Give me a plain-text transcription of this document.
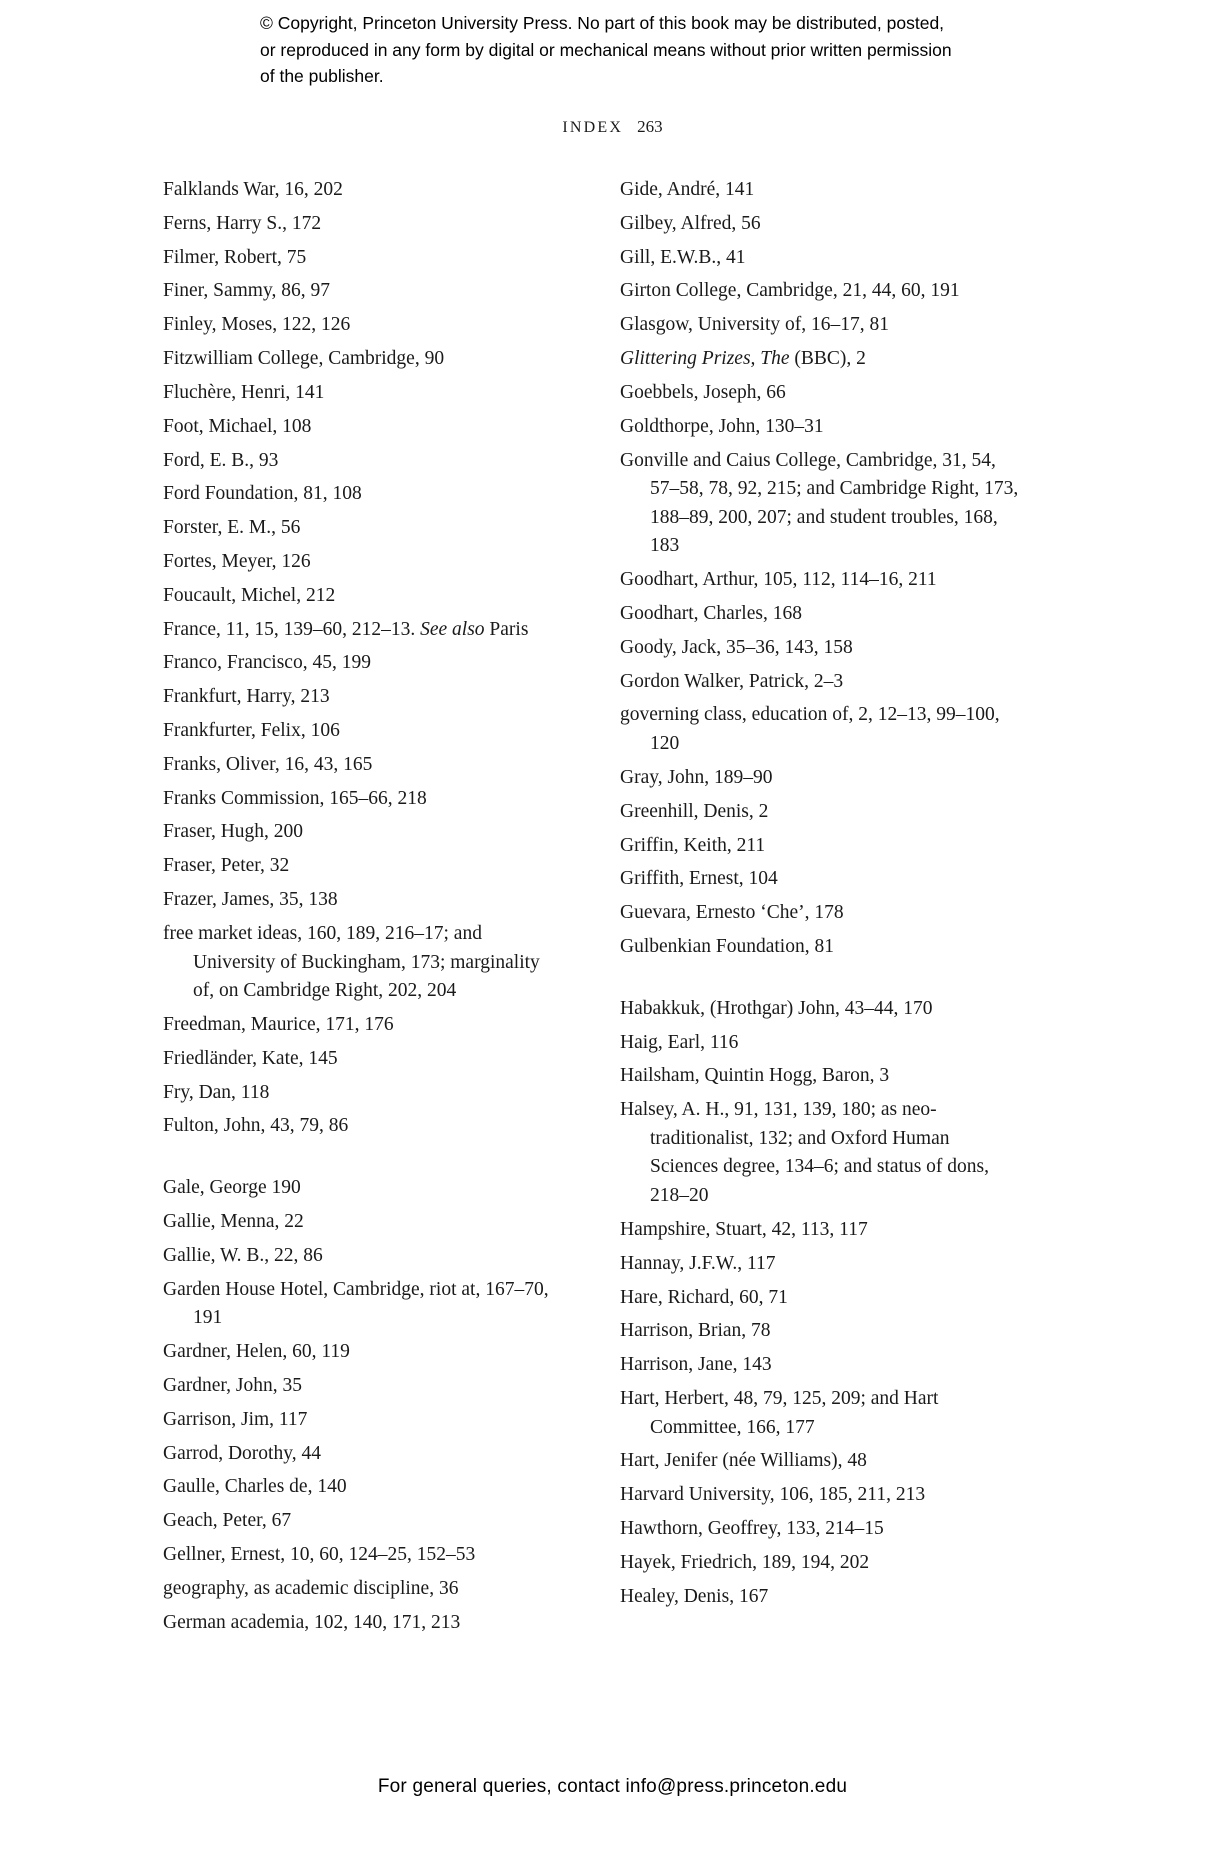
© Copyright, Princeton University Press. No part of this book may be distributed, posted, or reproduced in any form by digital or mechanical means without prior written permission of the publisher.
INDEX 263

Falklands War, 16, 202

Ferns, Harry S., 172

Filmer, Robert, 75

Finer, Sammy, 86, 97

Finley, Moses, 122, 126

Fitzwilliam College, Cambridge, 90

Fluchère, Henri, 141

Foot, Michael, 108

Ford, E. B., 93

Ford Foundation, 81, 108

Forster, E. M., 56

Fortes, Meyer, 126

Foucault, Michel, 212

France, 11, 15, 139–60, 212–13. See also Paris

Franco, Francisco, 45, 199

Frankfurt, Harry, 213

Frankfurter, Felix, 106

Franks, Oliver, 16, 43, 165

Franks Commission, 165–66, 218

Fraser, Hugh, 200

Fraser, Peter, 32

Frazer, James, 35, 138

free market ideas, 160, 189, 216–17; and University of Buckingham, 173; marginality of, on Cambridge Right, 202, 204

Freedman, Maurice, 171, 176

Friedländer, Kate, 145

Fry, Dan, 118

Fulton, John, 43, 79, 86

Gale, George 190

Gallie, Menna, 22

Gallie, W. B., 22, 86

Garden House Hotel, Cambridge, riot at, 167–70, 191

Gardner, Helen, 60, 119

Gardner, John, 35

Garrison, Jim, 117

Garrod, Dorothy, 44

Gaulle, Charles de, 140

Geach, Peter, 67

Gellner, Ernest, 10, 60, 124–25, 152–53

geography, as academic discipline, 36

German academia, 102, 140, 171, 213

Gide, André, 141

Gilbey, Alfred, 56

Gill, E.W.B., 41

Girton College, Cambridge, 21, 44, 60, 191

Glasgow, University of, 16–17, 81

Glittering Prizes, The (BBC), 2

Goebbels, Joseph, 66

Goldthorpe, John, 130–31

Gonville and Caius College, Cambridge, 31, 54, 57–58, 78, 92, 215; and Cambridge Right, 173, 188–89, 200, 207; and student troubles, 168, 183

Goodhart, Arthur, 105, 112, 114–16, 211

Goodhart, Charles, 168

Goody, Jack, 35–36, 143, 158

Gordon Walker, Patrick, 2–3

governing class, education of, 2, 12–13, 99–100, 120

Gray, John, 189–90

Greenhill, Denis, 2

Griffin, Keith, 211

Griffith, Ernest, 104

Guevara, Ernesto ‘Che’, 178

Gulbenkian Foundation, 81

Habakkuk, (Hrothgar) John, 43–44, 170

Haig, Earl, 116

Hailsham, Quintin Hogg, Baron, 3

Halsey, A. H., 91, 131, 139, 180; as neo-traditionalist, 132; and Oxford Human Sciences degree, 134–6; and status of dons, 218–20

Hampshire, Stuart, 42, 113, 117

Hannay, J.F.W., 117

Hare, Richard, 60, 71

Harrison, Brian, 78

Harrison, Jane, 143

Hart, Herbert, 48, 79, 125, 209; and Hart Committee, 166, 177

Hart, Jenifer (née Williams), 48

Harvard University, 106, 185, 211, 213

Hawthorn, Geoffrey, 133, 214–15

Hayek, Friedrich, 189, 194, 202

Healey, Denis, 167

For general queries, contact info@press.princeton.edu
